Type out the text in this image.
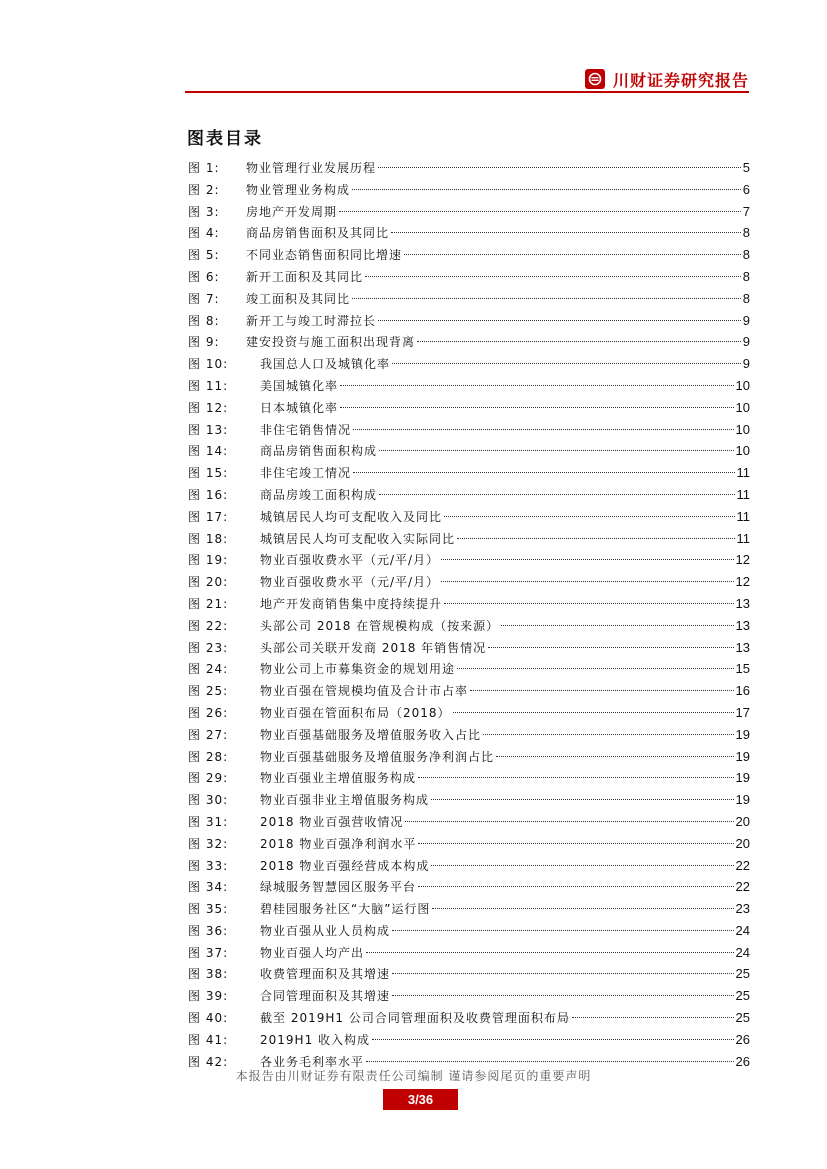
川财证券研究报告
图表目录
图 1:	物业管理行业发展历程	5
图 2:	物业管理业务构成	6
图 3:	房地产开发周期	7
图 4:	商品房销售面积及其同比	8
图 5:	不同业态销售面积同比增速	8
图 6:	新开工面积及其同比	8
图 7:	竣工面积及其同比	8
图 8:	新开工与竣工时滞拉长	9
图 9:	建安投资与施工面积出现背离	9
图 10:	我国总人口及城镇化率	9
图 11:	美国城镇化率	10
图 12:	日本城镇化率	10
图 13:	非住宅销售情况	10
图 14:	商品房销售面积构成	10
图 15:	非住宅竣工情况	11
图 16:	商品房竣工面积构成	11
图 17:	城镇居民人均可支配收入及同比	11
图 18:	城镇居民人均可支配收入实际同比	11
图 19:	物业百强收费水平（元/平/月）	12
图 20:	物业百强收费水平（元/平/月）	12
图 21:	地产开发商销售集中度持续提升	13
图 22:	头部公司 2018 在管规模构成（按来源）	13
图 23:	头部公司关联开发商 2018 年销售情况	13
图 24:	物业公司上市募集资金的规划用途	15
图 25:	物业百强在管规模均值及合计市占率	16
图 26:	物业百强在管面积布局（2018）	17
图 27:	物业百强基础服务及增值服务收入占比	19
图 28:	物业百强基础服务及增值服务净利润占比	19
图 29:	物业百强业主增值服务构成	19
图 30:	物业百强非业主增值服务构成	19
图 31:	2018 物业百强营收情况	20
图 32:	2018 物业百强净利润水平	20
图 33:	2018 物业百强经营成本构成	22
图 34:	绿城服务智慧园区服务平台	22
图 35:	碧桂园服务社区“大脑”运行图	23
图 36:	物业百强从业人员构成	24
图 37:	物业百强人均产出	24
图 38:	收费管理面积及其增速	25
图 39:	合同管理面积及其增速	25
图 40:	截至 2019H1 公司合同管理面积及收费管理面积布局	25
图 41:	2019H1 收入构成	26
图 42:	各业务毛利率水平	26
本报告由川财证券有限责任公司编制 谨请参阅尾页的重要声明
3/36
